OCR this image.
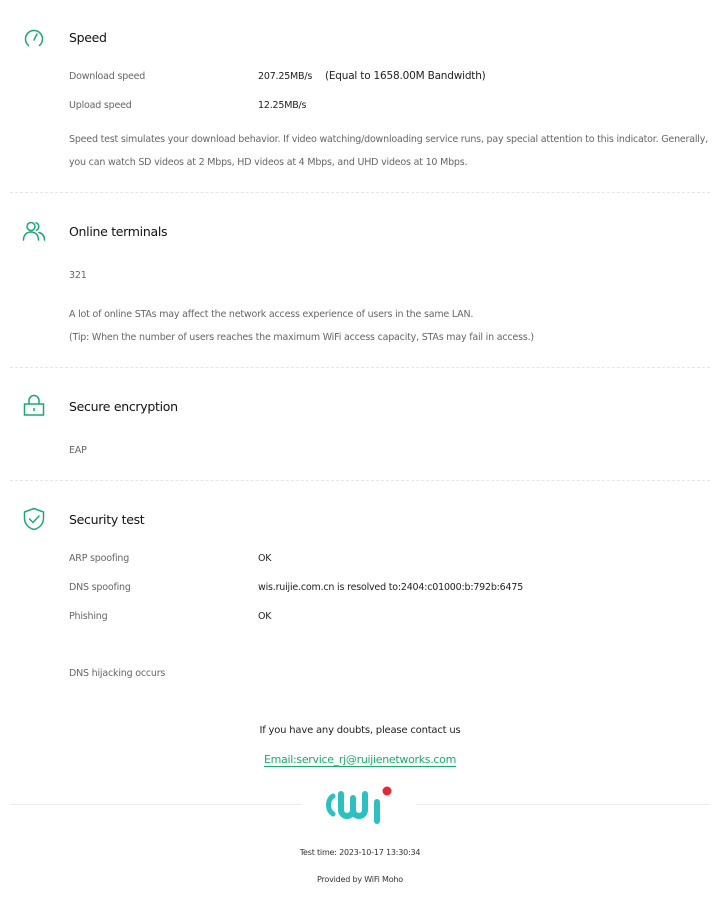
Speed
Download speed	207.25MB/s (Equal to 1658.00M Bandwidth)
Upload speed	12.25MB/s
Speed test simulates your download behavior. If video watching/downloading service runs, pay special attention to this indicator. Generally, you can watch SD videos at 2 Mbps, HD videos at 4 Mbps, and UHD videos at 10 Mbps.
Online terminals
321
A lot of online STAs may affect the network access experience of users in the same LAN.
(Tip: When the number of users reaches the maximum WiFi access capacity, STAs may fail in access.)
Secure encryption
EAP
Security test
ARP spoofing	OK
DNS spoofing	wis.ruijie.com.cn is resolved to:2404:c01000:b:792b:6475
Phishing	OK
DNS hijacking occurs
If you have any doubts, please contact us
Email:service_rj@ruijienetworks.com
Test time: 2023-10-17 13:30:34
Provided by WiFi Moho
